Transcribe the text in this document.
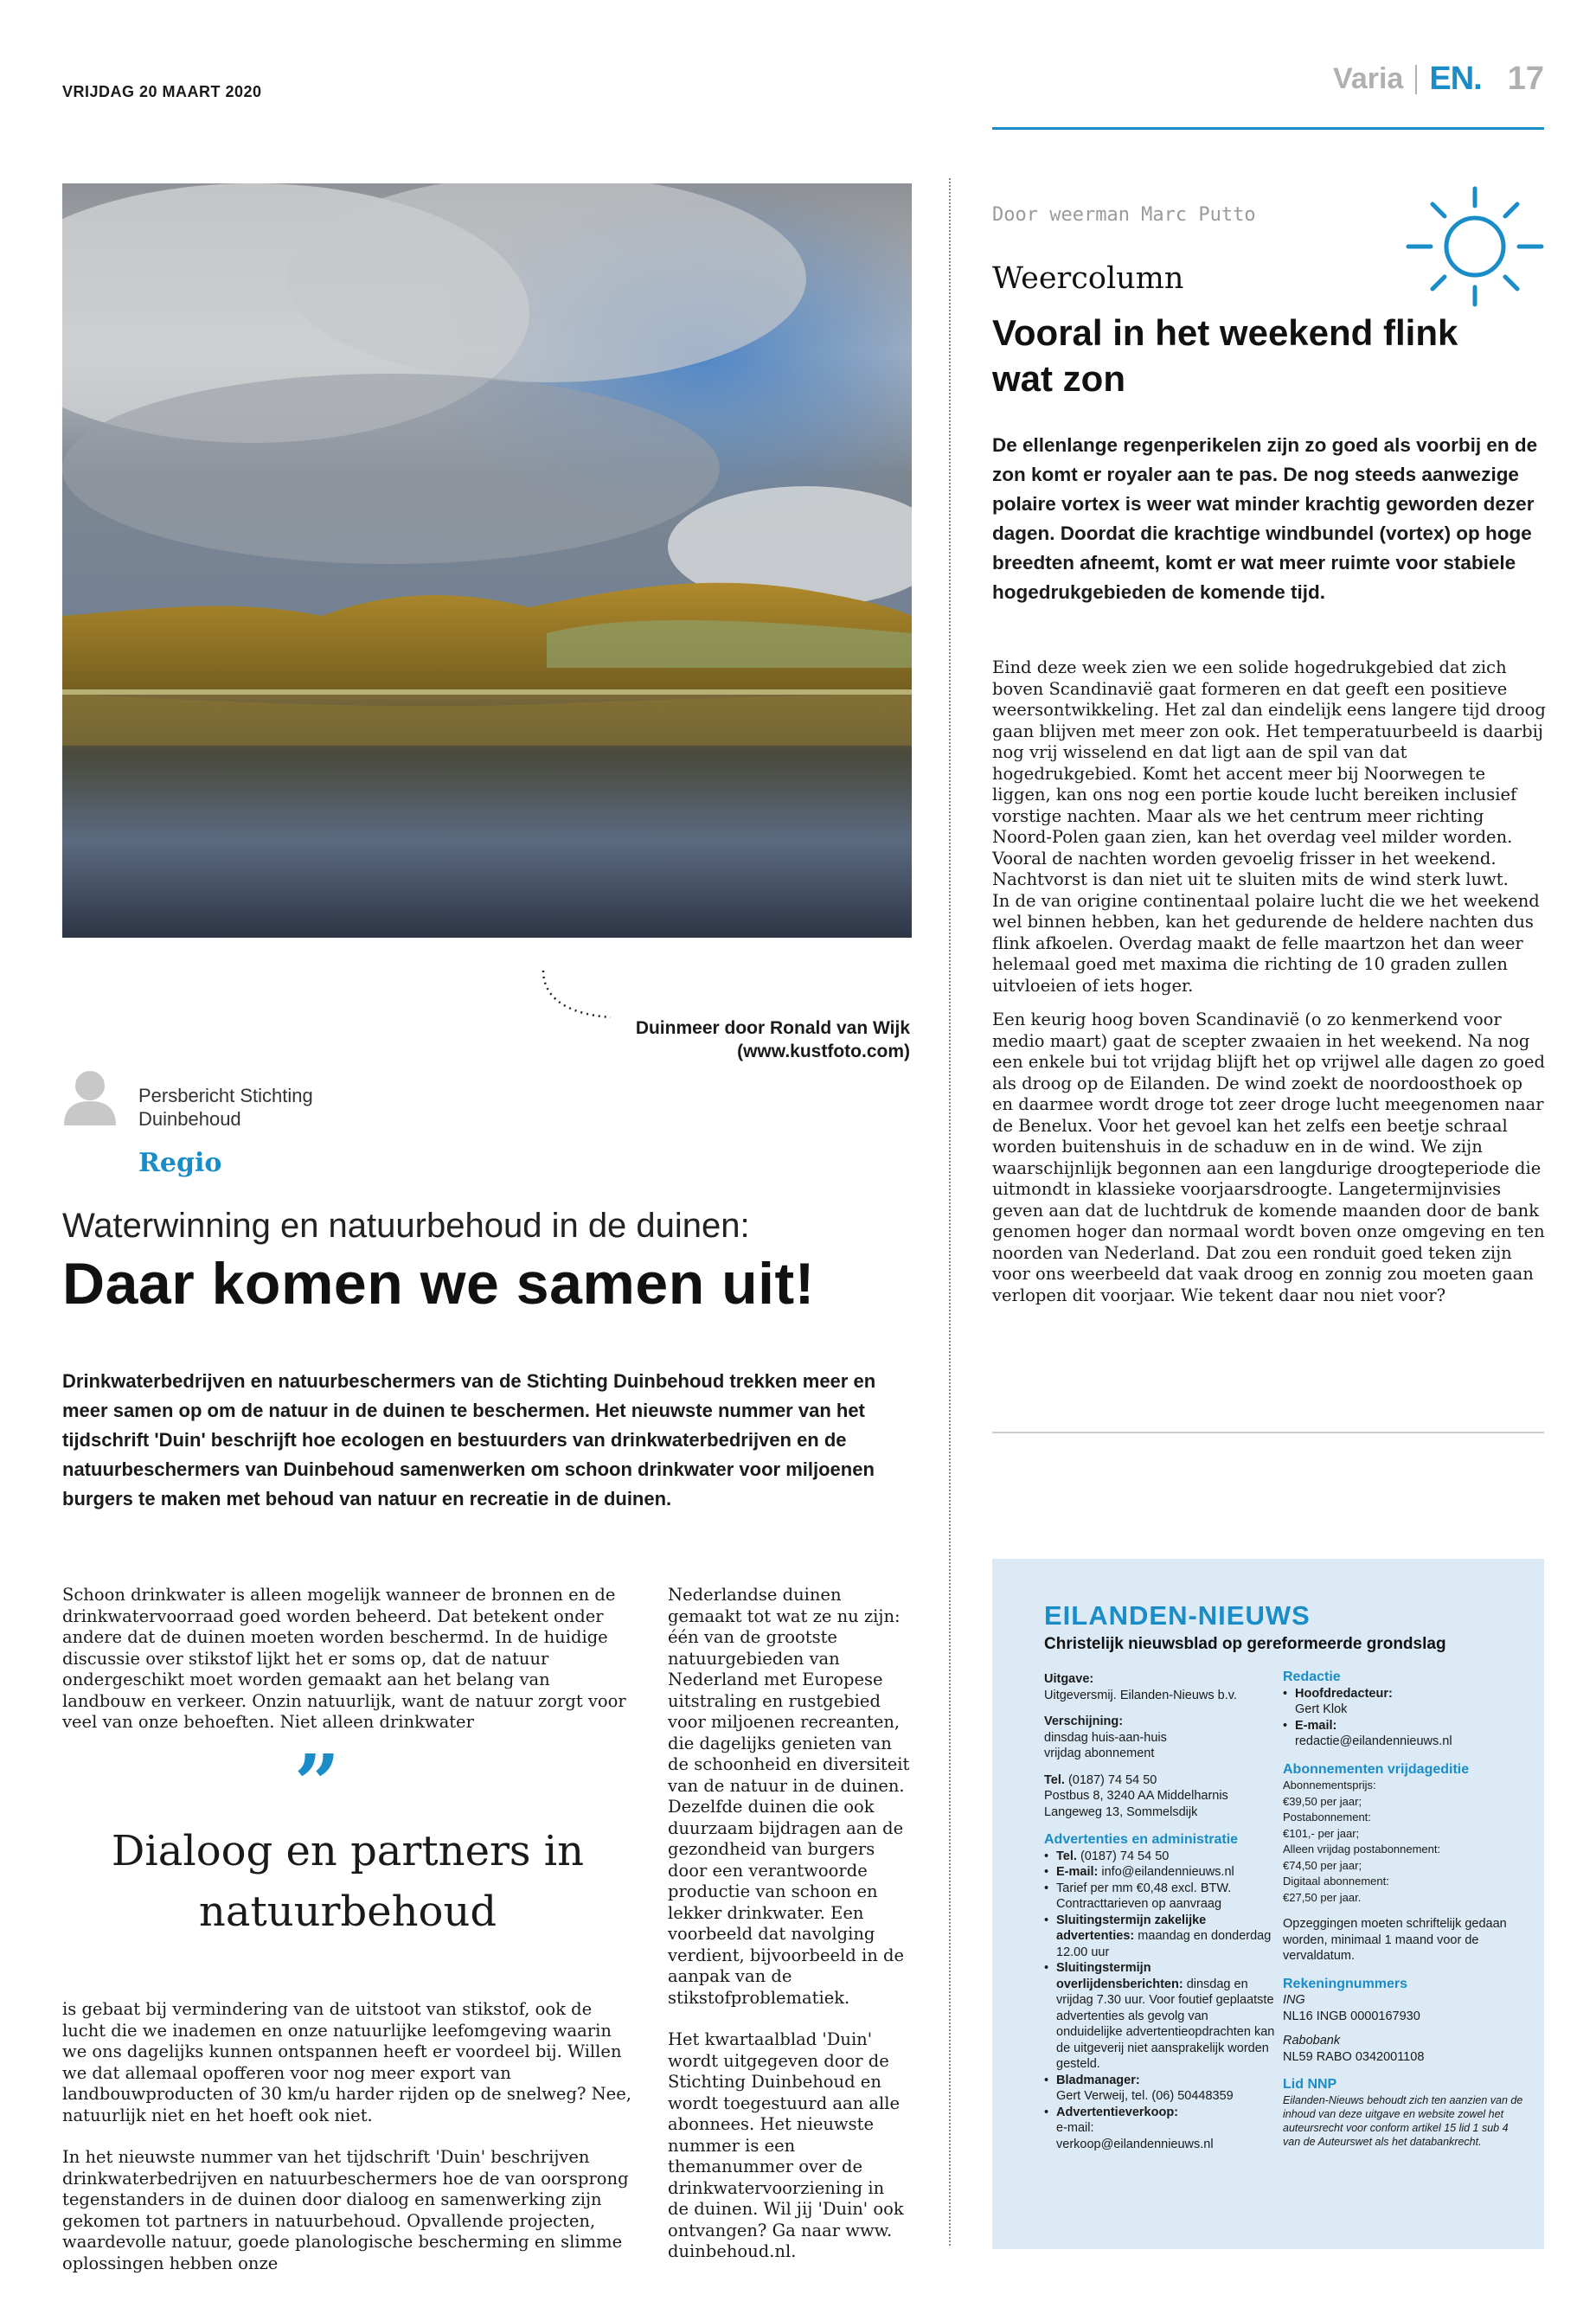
VRIJDAG 20 MAART 2020	Varia EN. 17
Duinmeer door Ronald van Wijk (www.kustfoto.com)
Persbericht Stichting Duinbehoud
Regio
Waterwinning en natuurbehoud in de duinen:
Daar komen we samen uit!
Drinkwaterbedrijven en natuurbeschermers van de Stichting Duinbehoud trekken meer en meer samen op om de natuur in de duinen te beschermen. Het nieuwste nummer van het tijdschrift 'Duin' beschrijft hoe ecologen en bestuurders van drinkwaterbedrijven en de natuurbeschermers van Duinbehoud samenwerken om schoon drinkwater voor miljoenen burgers te maken met behoud van natuur en recreatie in de duinen.

Schoon drinkwater is alleen mogelijk wanneer de bronnen en de drinkwatervoorraad goed worden beheerd. Dat betekent onder andere dat de duinen moeten worden beschermd. In de huidige discussie over stikstof lijkt het er soms op, dat de natuur ondergeschikt moet worden gemaakt aan het belang van landbouw en verkeer. Onzin natuurlijk, want de natuur zorgt voor veel van onze behoeften. Niet alleen drinkwater

”
Dialoog en partners in natuurbehoud

is gebaat bij vermindering van de uitstoot van stikstof, ook de lucht die we inademen en onze natuurlijke leefomgeving waarin we ons dagelijks kunnen ontspannen heeft er voordeel bij. Willen we dat allemaal opofferen voor nog meer export van landbouwproducten of 30 km/u harder rijden op de snelweg? Nee, natuurlijk niet en het hoeft ook niet.

In het nieuwste nummer van het tijdschrift 'Duin' beschrijven drinkwaterbedrijven en natuurbeschermers hoe de van oorsprong tegenstanders in de duinen door dialoog en samenwerking zijn gekomen tot partners in natuurbehoud. Opvallende projecten, waardevolle natuur, goede planologische bescherming en slimme oplossingen hebben onze

Nederlandse duinen gemaakt tot wat ze nu zijn: één van de grootste natuurgebieden van Nederland met Europese uitstraling en rustgebied voor miljoenen recreanten, die dagelijks genieten van de schoonheid en diversiteit van de natuur in de duinen. Dezelfde duinen die ook duurzaam bijdragen aan de gezondheid van burgers door een verantwoorde productie van schoon en lekker drinkwater. Een voorbeeld dat navolging verdient, bijvoorbeeld in de aanpak van de stikstofproblematiek.

Het kwartaalblad 'Duin' wordt uitgegeven door de Stichting Duinbehoud en wordt toegestuurd aan alle abonnees. Het nieuwste nummer is een themanummer over de drinkwatervoorziening in de duinen. Wil jij 'Duin' ook ontvangen? Ga naar www. duinbehoud.nl.

Door weerman Marc Putto
Weercolumn
Vooral in het weekend flink wat zon
De ellenlange regenperikelen zijn zo goed als voorbij en de zon komt er royaler aan te pas. De nog steeds aanwezige polaire vortex is weer wat minder krachtig geworden dezer dagen. Doordat die krachtige windbundel (vortex) op hoge breedten afneemt, komt er wat meer ruimte voor stabiele hogedrukgebieden de komende tijd.
Eind deze week zien we een solide hogedrukgebied dat zich boven Scandinavië gaat formeren en dat geeft een positieve weersontwikkeling. Het zal dan eindelijk eens langere tijd droog gaan blijven met meer zon ook. Het temperatuurbeeld is daarbij nog vrij wisselend en dat ligt aan de spil van dat hogedrukgebied. Komt het accent meer bij Noorwegen te liggen, kan ons nog een portie koude lucht bereiken inclusief vorstige nachten. Maar als we het centrum meer richting Noord-Polen gaan zien, kan het overdag veel milder worden. Vooral de nachten worden gevoelig frisser in het weekend. Nachtvorst is dan niet uit te sluiten mits de wind sterk luwt.
In de van origine continentaal polaire lucht die we het weekend wel binnen hebben, kan het gedurende de heldere nachten dus flink afkoelen. Overdag maakt de felle maartzon het dan weer helemaal goed met maxima die richting de 10 graden zullen uitvloeien of iets hoger.
Een keurig hoog boven Scandinavië (o zo kenmerkend voor medio maart) gaat de scepter zwaaien in het weekend. Na nog een enkele bui tot vrijdag blijft het op vrijwel alle dagen zo goed als droog op de Eilanden. De wind zoekt de noordoosthoek op en daarmee wordt droge tot zeer droge lucht meegenomen naar de Benelux. Voor het gevoel kan het zelfs een beetje schraal worden buitenshuis in de schaduw en in de wind. We zijn waarschijnlijk begonnen aan een langdurige droogteperiode die uitmondt in klassieke voorjaarsdroogte. Langetermijnvisies geven aan dat de luchtdruk de komende maanden door de bank genomen hoger dan normaal wordt boven onze omgeving en ten noorden van Nederland. Dat zou een ronduit goed teken zijn voor ons weerbeeld dat vaak droog en zonnig zou moeten gaan verlopen dit voorjaar. Wie tekent daar nou niet voor?
EILANDEN-NIEUWS
Christelijk nieuwsblad op gereformeerde grondslag
Uitgave:
Uitgeversmij. Eilanden-Nieuws b.v.
Verschijning:
dinsdag huis-aan-huis
vrijdag abonnement
Tel. (0187) 74 54 50
Postbus 8, 3240 AA Middelharnis
Langeweg 13, Sommelsdijk
Advertenties en administratie
• Tel. (0187) 74 54 50
• E-mail: info@eilandennieuws.nl
• Tarief per mm €0,48 excl. BTW.
Contracttarieven op aanvraag
• Sluitingstermijn zakelijke advertenties: maandag en donderdag 12.00 uur
• Sluitingstermijn overlijdensberichten: dinsdag en vrijdag 7.30 uur. Voor foutief geplaatste advertenties als gevolg van onduidelijke advertentieopdrachten kan de uitgeverij niet aansprakelijk worden gesteld.
• Bladmanager:
Gert Verweij, tel. (06) 50448359
• Advertentieverkoop:
e-mail:
verkoop@eilandennieuws.nl
Redactie
• Hoofdredacteur:
Gert Klok
• E-mail:
redactie@eilandennieuws.nl
Abonnementen vrijdageditie
Abonnementsprijs:
€39,50 per jaar;
Postabonnement:
€101,- per jaar;
Alleen vrijdag postabonnement:
€74,50 per jaar;
Digitaal abonnement:
€27,50 per jaar.
Opzeggingen moeten schriftelijk gedaan worden, minimaal 1 maand voor de vervaldatum.
Rekeningnummers
ING
NL16 INGB 0000167930
Rabobank
NL59 RABO 0342001108
Lid NNP
Eilanden-Nieuws behoudt zich ten aanzien van de inhoud van deze uitgave en website zowel het auteursrecht voor conform artikel 15 lid 1 sub 4 van de Auteurswet als het databankrecht.
